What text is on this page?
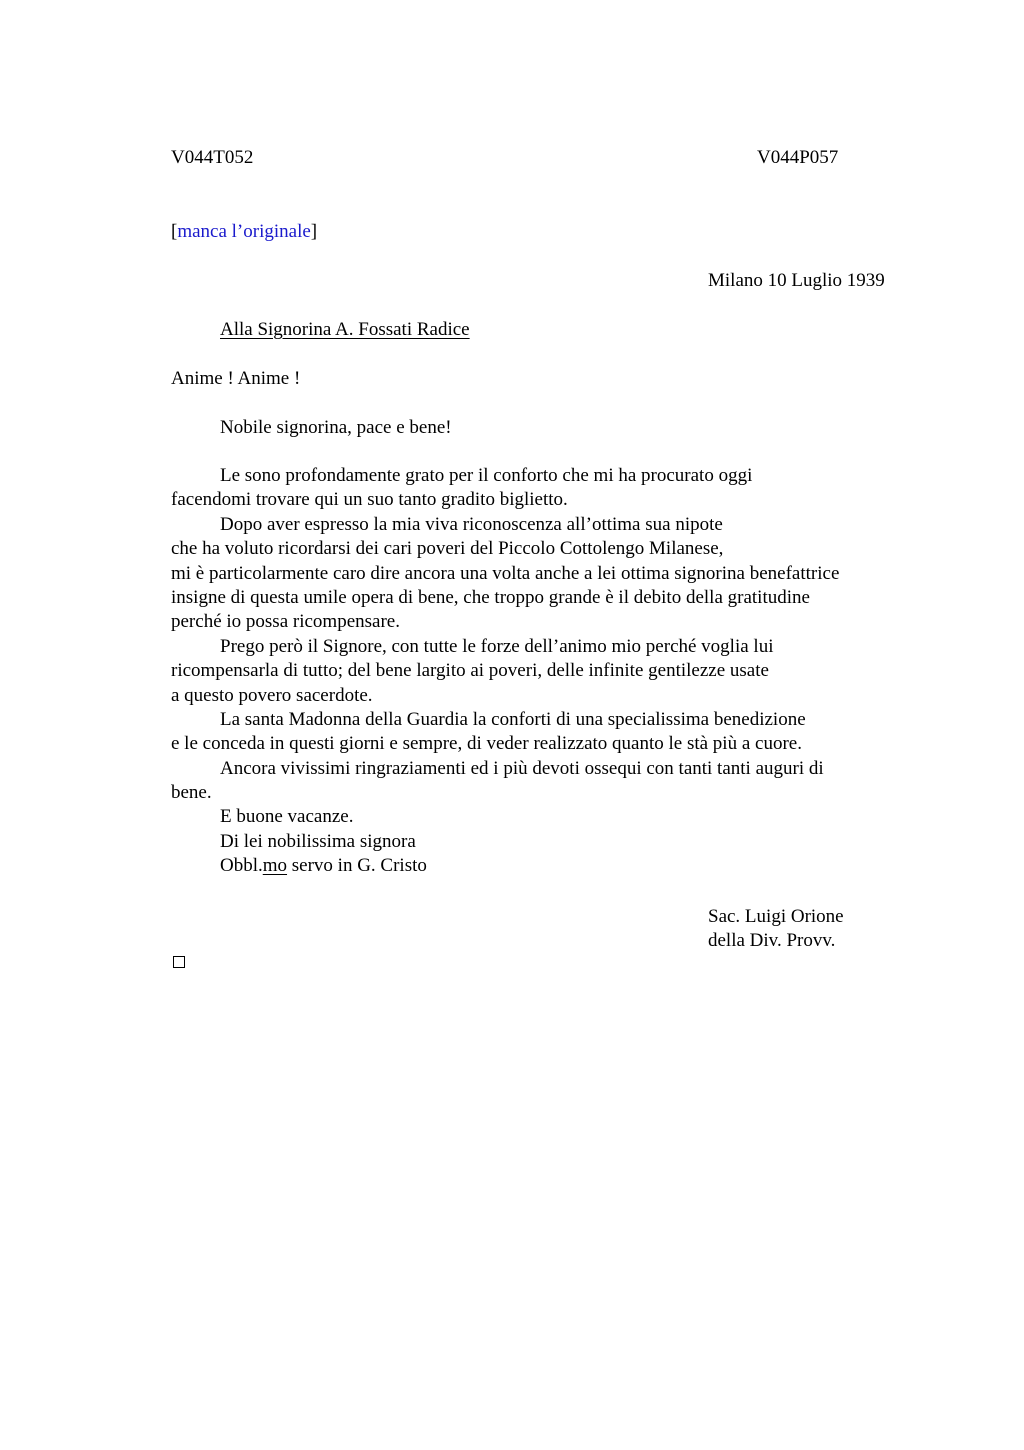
V044T052	V044P057
[manca l’originale]
Milano 10 Luglio 1939
Alla Signorina A. Fossati Radice
Anime ! Anime !
Nobile signorina, pace e bene!
Le sono profondamente grato per il conforto che mi ha procurato oggi
facendomi trovare qui un suo tanto gradito biglietto.
Dopo aver espresso la mia viva riconoscenza all’ottima sua nipote
che ha voluto ricordarsi dei cari poveri del Piccolo Cottolengo Milanese,
mi è particolarmente caro dire ancora una volta anche a lei ottima signorina benefattrice
insigne di questa umile opera di bene, che troppo grande è il debito della gratitudine
perché io possa ricompensare.
Prego però il Signore, con tutte le forze dell’animo mio perché voglia lui
ricompensarla di tutto; del bene largito ai poveri, delle infinite gentilezze usate
a questo povero sacerdote.
La santa Madonna della Guardia la conforti di una specialissima benedizione
e le conceda in questi giorni e sempre, di veder realizzato quanto le stà più a cuore.
Ancora vivissimi ringraziamenti ed i più devoti ossequi con tanti tanti auguri di
bene.
E buone vacanze.
Di lei nobilissima signora
Obbl.mo servo in G. Cristo
Sac. Luigi Orione
della Div. Provv.
